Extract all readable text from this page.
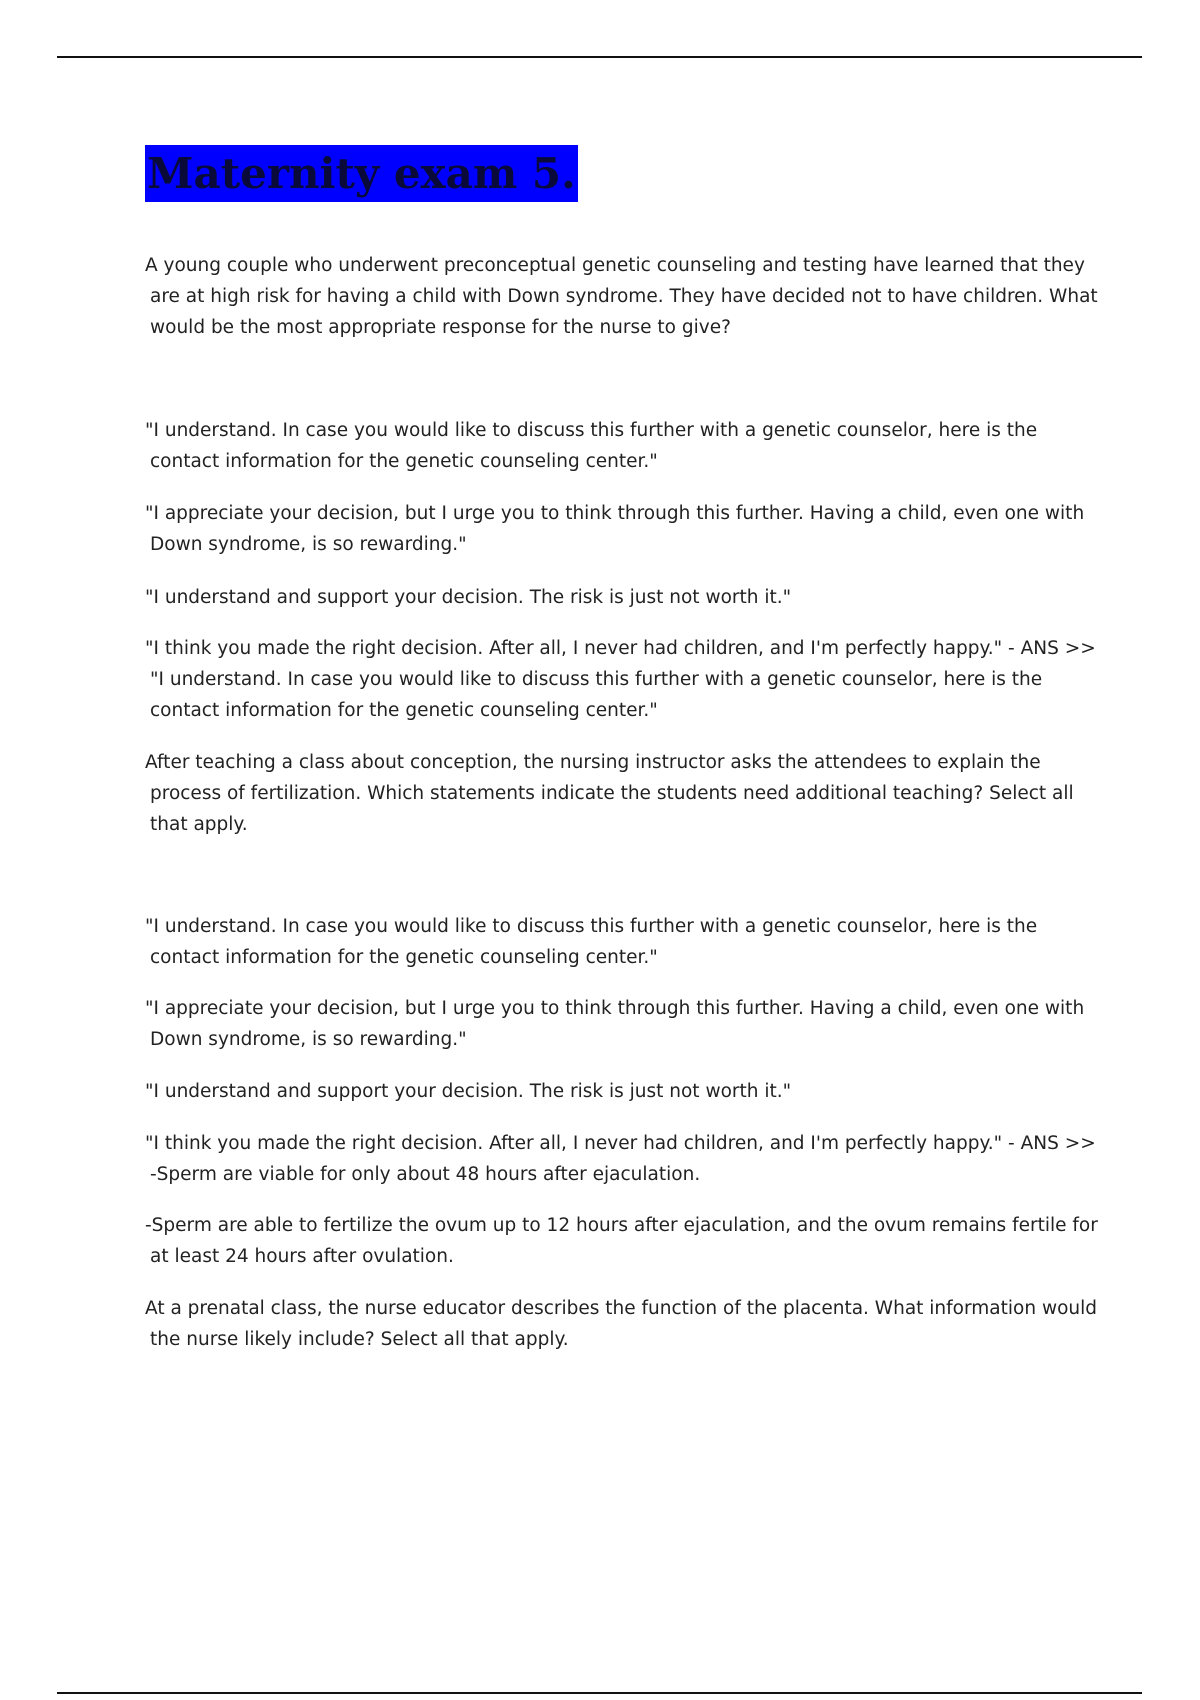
Maternity exam 5.

A young couple who underwent preconceptual genetic counseling and testing have learned that they are at high risk for having a child with Down syndrome. They have decided not to have children. What would be the most appropriate response for the nurse to give?

"I understand. In case you would like to discuss this further with a genetic counselor, here is the contact information for the genetic counseling center."

"I appreciate your decision, but I urge you to think through this further. Having a child, even one with Down syndrome, is so rewarding."

"I understand and support your decision. The risk is just not worth it."

"I think you made the right decision. After all, I never had children, and I'm perfectly happy." - ANS >> "I understand. In case you would like to discuss this further with a genetic counselor, here is the contact information for the genetic counseling center."

After teaching a class about conception, the nursing instructor asks the attendees to explain the process of fertilization. Which statements indicate the students need additional teaching? Select all that apply.

"I understand. In case you would like to discuss this further with a genetic counselor, here is the contact information for the genetic counseling center."

"I appreciate your decision, but I urge you to think through this further. Having a child, even one with Down syndrome, is so rewarding."

"I understand and support your decision. The risk is just not worth it."

"I think you made the right decision. After all, I never had children, and I'm perfectly happy." - ANS >> -Sperm are viable for only about 48 hours after ejaculation.

-Sperm are able to fertilize the ovum up to 12 hours after ejaculation, and the ovum remains fertile for at least 24 hours after ovulation.

At a prenatal class, the nurse educator describes the function of the placenta. What information would the nurse likely include? Select all that apply.
